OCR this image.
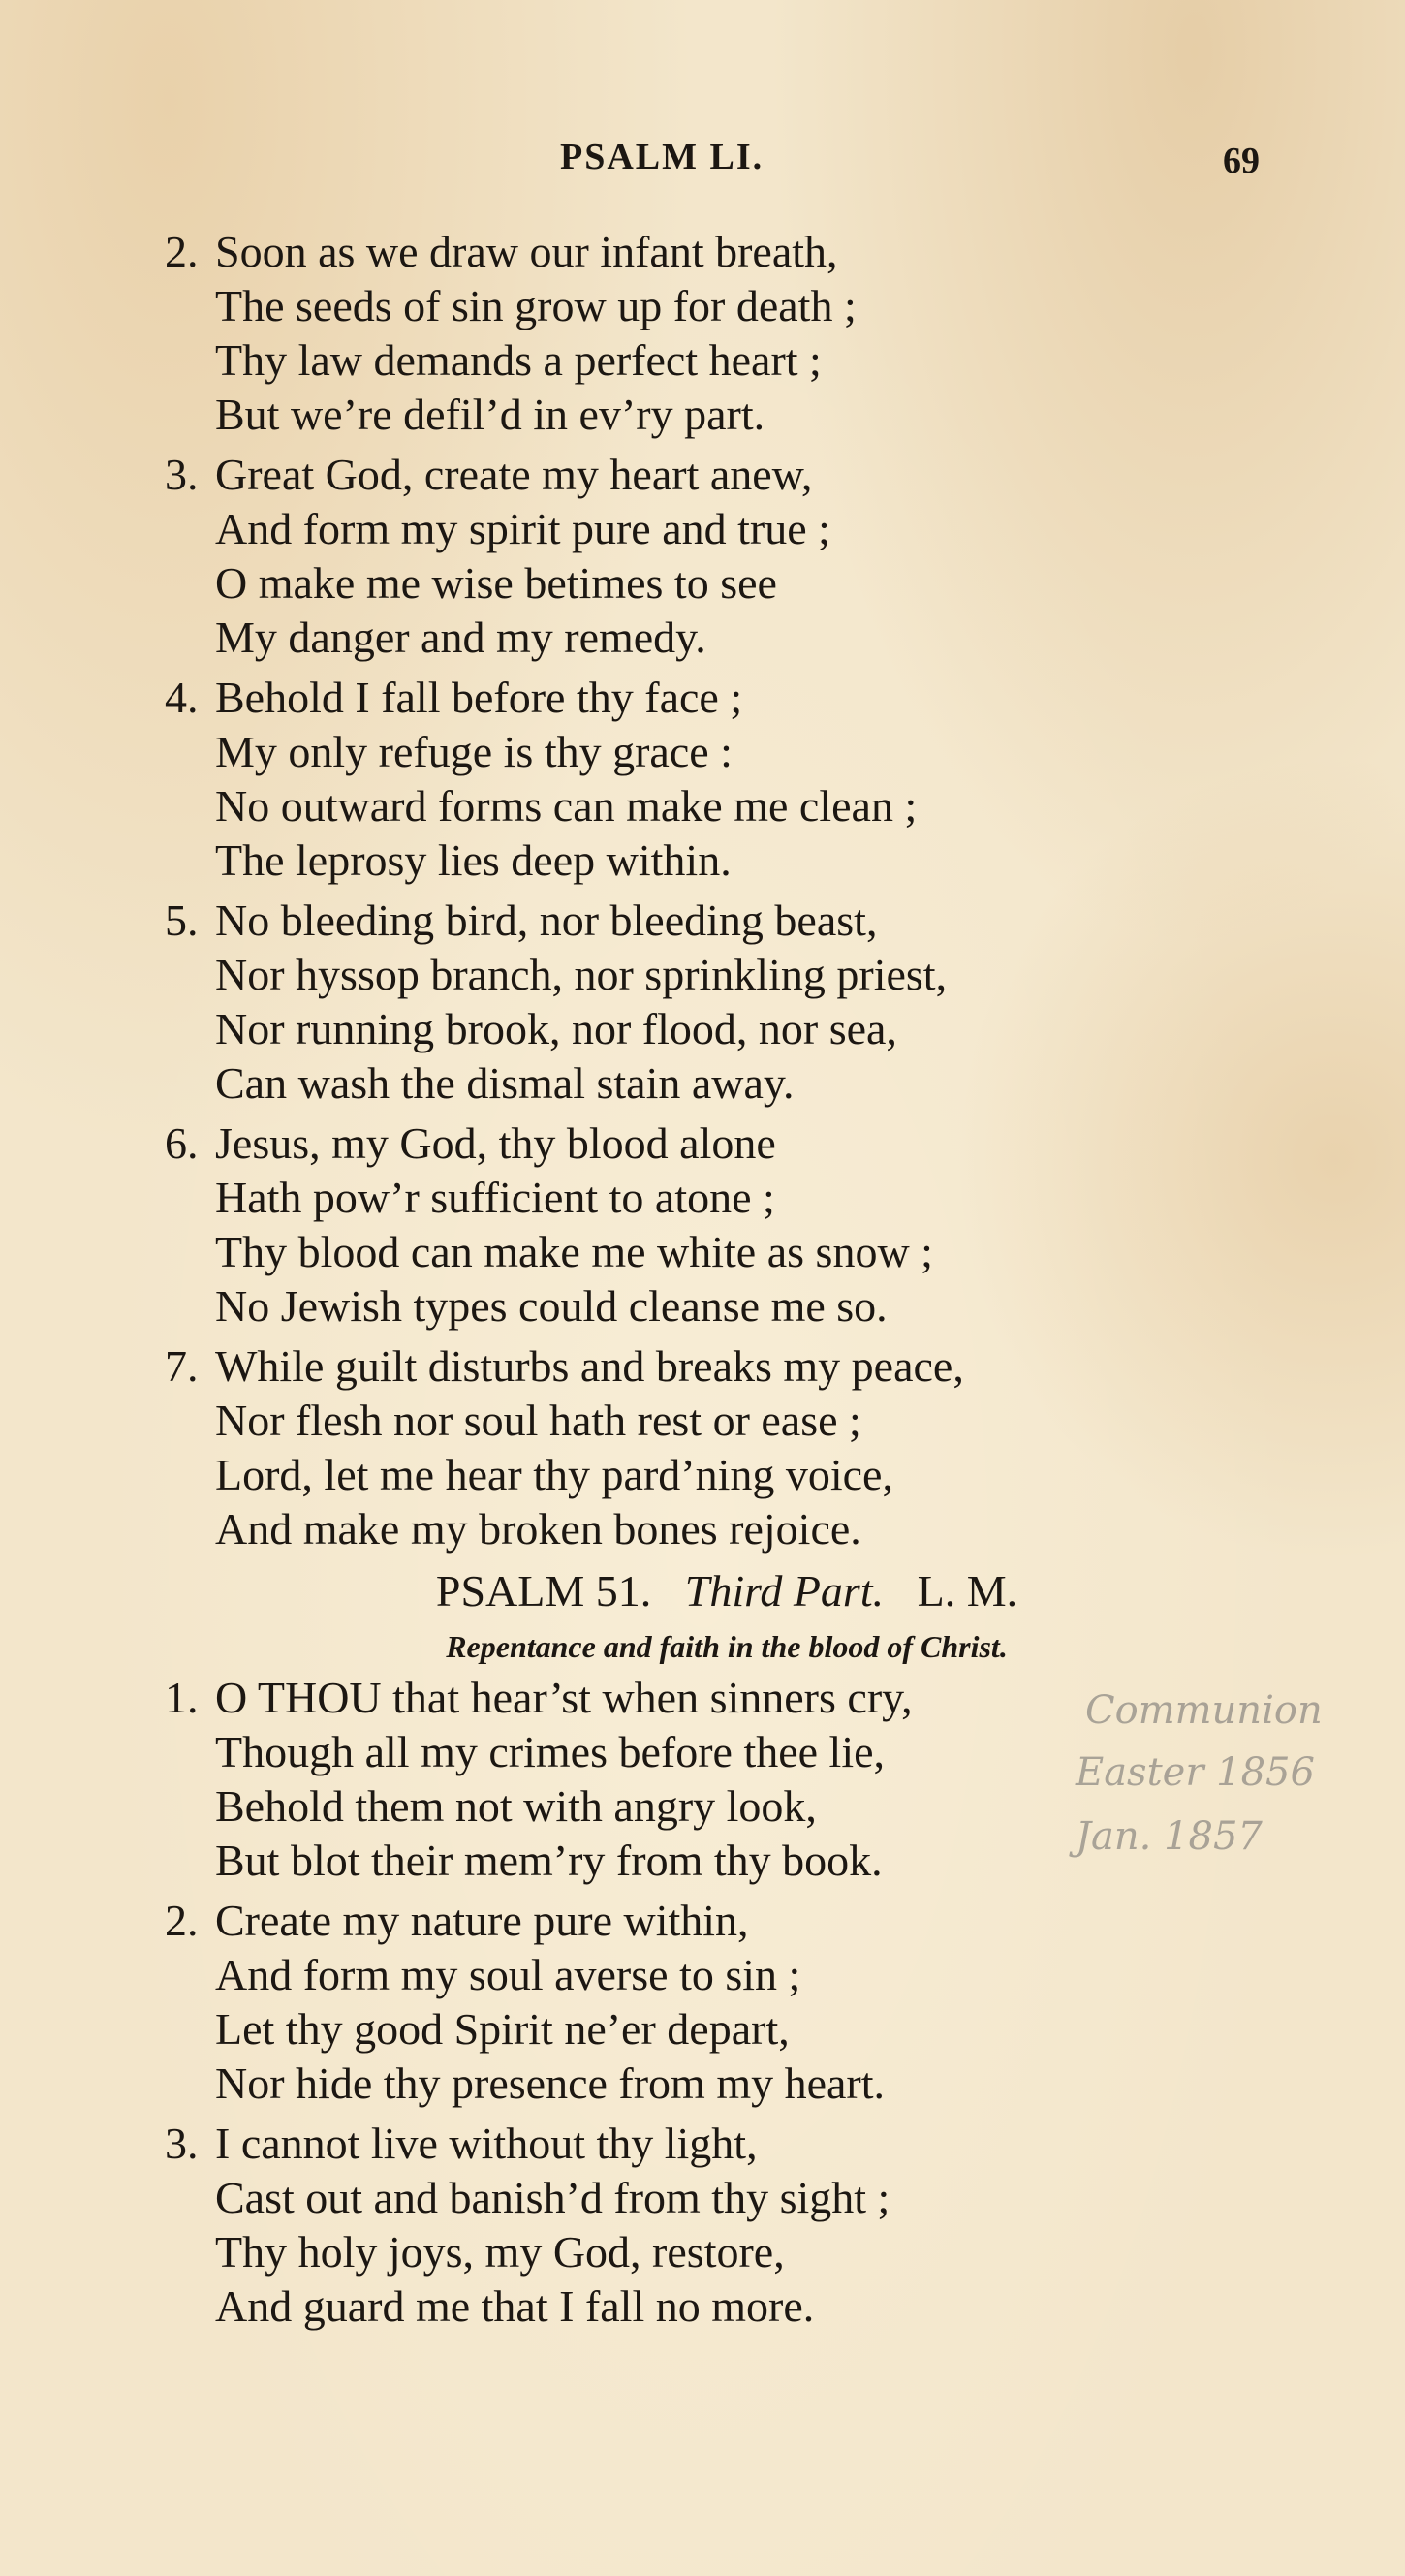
PSALM LI.	69
2. Soon as we draw our infant breath,
The seeds of sin grow up for death ;
Thy law demands a perfect heart ;
But we’re defil’d in ev’ry part.
3. Great God, create my heart anew,
And form my spirit pure and true ;
O make me wise betimes to see
My danger and my remedy.
4. Behold I fall before thy face ;
My only refuge is thy grace :
No outward forms can make me clean ;
The leprosy lies deep within.
5. No bleeding bird, nor bleeding beast,
Nor hyssop branch, nor sprinkling priest,
Nor running brook, nor flood, nor sea,
Can wash the dismal stain away.
6. Jesus, my God, thy blood alone
Hath pow’r sufficient to atone ;
Thy blood can make me white as snow ;
No Jewish types could cleanse me so.
7. While guilt disturbs and breaks my peace,
Nor flesh nor soul hath rest or ease ;
Lord, let me hear thy pard’ning voice,
And make my broken bones rejoice.
PSALM 51. Third Part. L. M.
Repentance and faith in the blood of Christ.
1. O THOU that hear’st when sinners cry,
Though all my crimes before thee lie,
Behold them not with angry look,
But blot their mem’ry from thy book.
2. Create my nature pure within,
And form my soul averse to sin ;
Let thy good Spirit ne’er depart,
Nor hide thy presence from my heart.
3. I cannot live without thy light,
Cast out and banish’d from thy sight ;
Thy holy joys, my God, restore,
And guard me that I fall no more.
Communion
Easter 1856
Jan. 1857
